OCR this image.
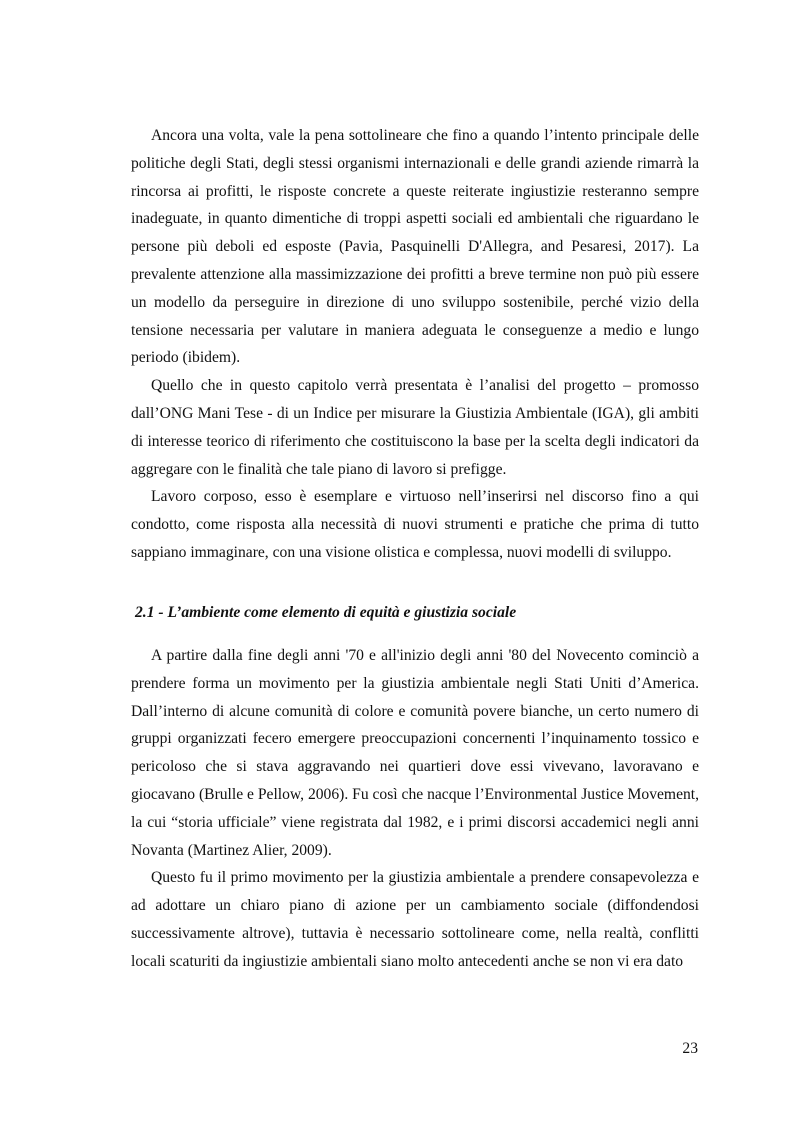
Ancora una volta, vale la pena sottolineare che fino a quando l’intento principale delle politiche degli Stati, degli stessi organismi internazionali e delle grandi aziende rimarrà la rincorsa ai profitti, le risposte concrete a queste reiterate ingiustizie resteranno sempre inadeguate, in quanto dimentiche di troppi aspetti sociali ed ambientali che riguardano le persone più deboli ed esposte (Pavia, Pasquinelli D'Allegra, and Pesaresi, 2017). La prevalente attenzione alla massimizzazione dei profitti a breve termine non può più essere un modello da perseguire in direzione di uno sviluppo sostenibile, perché vizio della tensione necessaria per valutare in maniera adeguata le conseguenze a medio e lungo periodo (ibidem).

Quello che in questo capitolo verrà presentata è l’analisi del progetto – promosso dall’ONG Mani Tese - di un Indice per misurare la Giustizia Ambientale (IGA), gli ambiti di interesse teorico di riferimento che costituiscono la base per la scelta degli indicatori da aggregare con le finalità che tale piano di lavoro si prefigge.

Lavoro corposo, esso è esemplare e virtuoso nell’inserirsi nel discorso fino a qui condotto, come risposta alla necessità di nuovi strumenti e pratiche che prima di tutto sappiano immaginare, con una visione olistica e complessa, nuovi modelli di sviluppo.

2.1 - L’ambiente come elemento di equità e giustizia sociale

A partire dalla fine degli anni '70 e all'inizio degli anni '80 del Novecento cominciò a prendere forma un movimento per la giustizia ambientale negli Stati Uniti d’America. Dall’interno di alcune comunità di colore e comunità povere bianche, un certo numero di gruppi organizzati fecero emergere preoccupazioni concernenti l’inquinamento tossico e pericoloso che si stava aggravando nei quartieri dove essi vivevano, lavoravano e giocavano (Brulle e Pellow, 2006). Fu così che nacque l’Environmental Justice Movement, la cui “storia ufficiale” viene registrata dal 1982, e i primi discorsi accademici negli anni Novanta (Martinez Alier, 2009).

Questo fu il primo movimento per la giustizia ambientale a prendere consapevolezza e ad adottare un chiaro piano di azione per un cambiamento sociale (diffondendosi successivamente altrove), tuttavia è necessario sottolineare come, nella realtà, conflitti locali scaturiti da ingiustizie ambientali siano molto antecedenti anche se non vi era dato

23
